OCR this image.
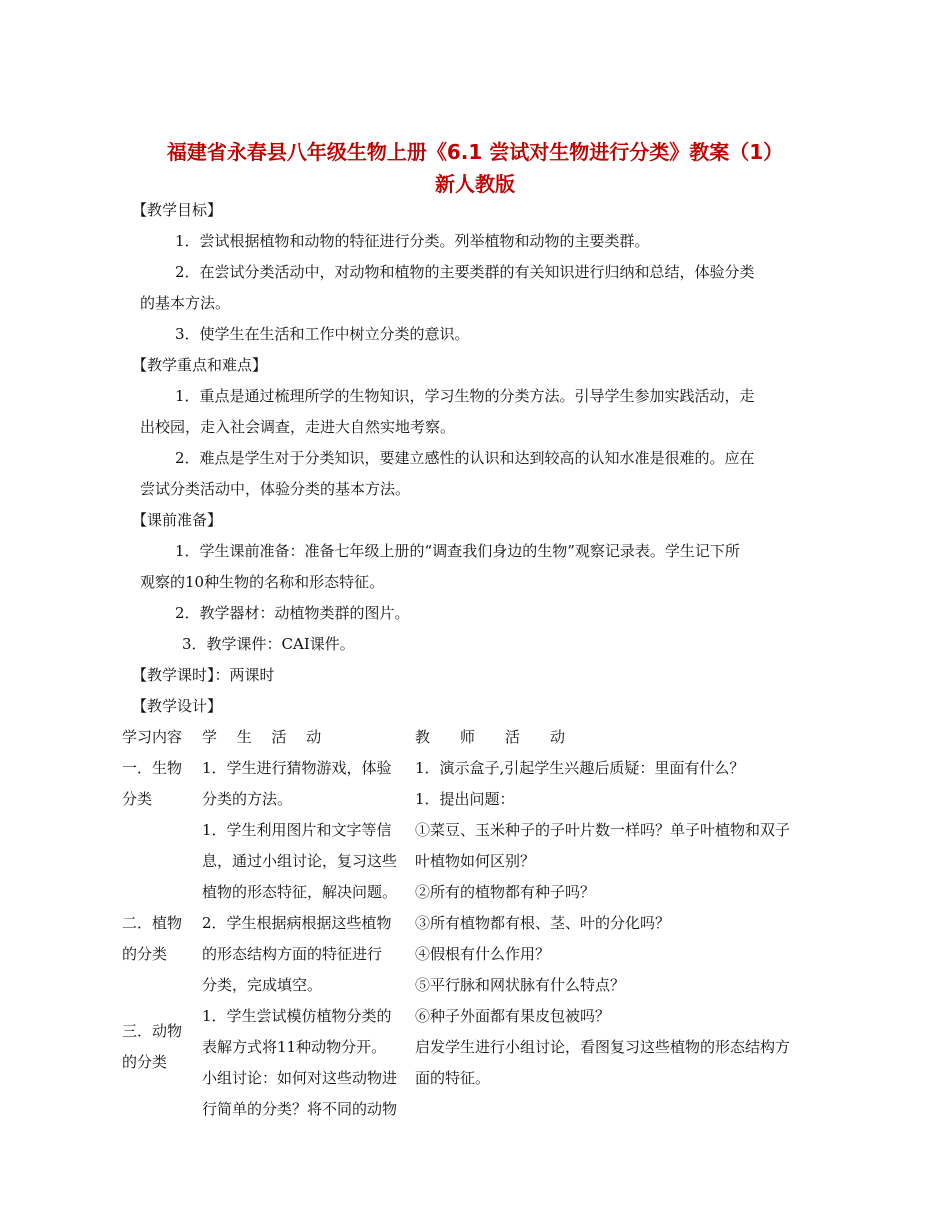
福建省永春县八年级生物上册《6.1 尝试对生物进行分类》教案（1）
新人教版
【教学目标】
1．尝试根据植物和动物的特征进行分类。列举植物和动物的主要类群。
2．在尝试分类活动中，对动物和植物的主要类群的有关知识进行归纳和总结，体验分类
的基本方法。
3．使学生在生活和工作中树立分类的意识。
【教学重点和难点】
1．重点是通过梳理所学的生物知识，学习生物的分类方法。引导学生参加实践活动，走
出校园，走入社会调查，走进大自然实地考察。
2．难点是学生对于分类知识，要建立感性的认识和达到较高的认知水准是很难的。应在
尝试分类活动中，体验分类的基本方法。
【课前准备】
1．学生课前准备：准备七年级上册的“调查我们身边的生物”观察记录表。学生记下所
观察的10种生物的名称和形态特征。
2．教学器材：动植物类群的图片。
3．教学课件：CAI课件。
【教学课时】：两课时
【教学设计】
学习内容 学　 生　 活　 动	教　　师　　活　　动
一．生物
分类
二．植物
的分类
三．动物
的分类
1．学生进行猜物游戏，体验
分类的方法。
1．学生利用图片和文字等信
息，通过小组讨论，复习这些
植物的形态特征，解决问题。
2．学生根据病根据这些植物
的形态结构方面的特征进行
分类，完成填空。
1．学生尝试模仿植物分类的
表解方式将11种动物分开。
小组讨论：如何对这些动物进
行简单的分类？将不同的动物
1．演示盒子,引起学生兴趣后质疑：里面有什么？
1．提出问题：
①菜豆、玉米种子的子叶片数一样吗？单子叶植物和双子
叶植物如何区别？
②所有的植物都有种子吗？
③所有植物都有根、茎、叶的分化吗？
④假根有什么作用？
⑤平行脉和网状脉有什么特点？
⑥种子外面都有果皮包被吗？
启发学生进行小组讨论，看图复习这些植物的形态结构方
面的特征。
